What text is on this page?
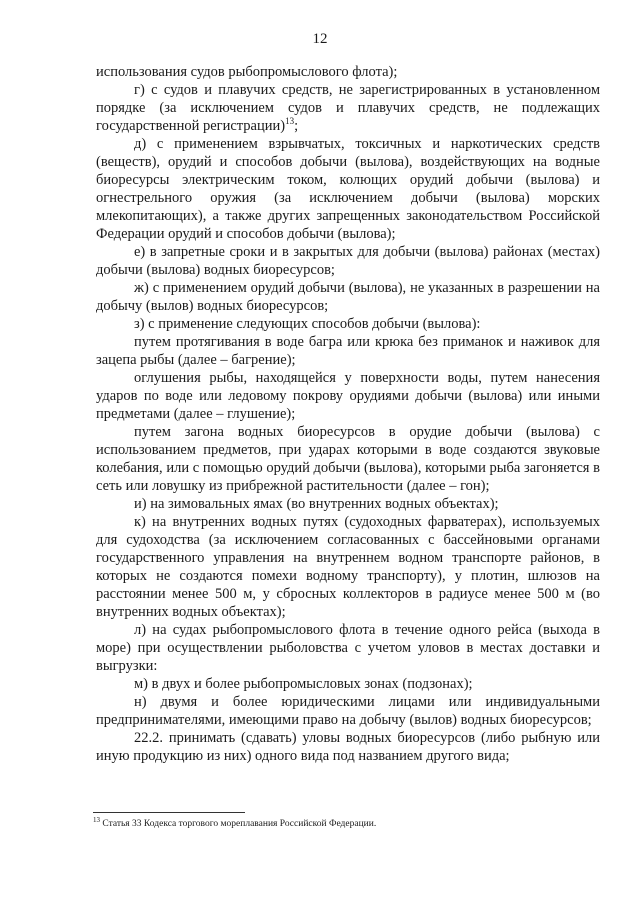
12

использования судов рыбопромыслового флота);

г) с судов и плавучих средств, не зарегистрированных в установленном порядке (за исключением судов и плавучих средств, не подлежащих государственной регистрации)$^{13}$;

д) с применением взрывчатых, токсичных и наркотических средств (веществ), орудий и способов добычи (вылова), воздействующих на водные биоресурсы электрическим током, колющих орудий добычи (вылова) и огнестрельного оружия (за исключением добычи (вылова) морских млекопитающих), а также других запрещенных законодательством Российской Федерации орудий и способов добычи (вылова);

е) в запретные сроки и в закрытых для добычи (вылова) районах (местах) добычи (вылова) водных биоресурсов;

ж) с применением орудий добычи (вылова), не указанных в разрешении на добычу (вылов) водных биоресурсов;

з) с применение следующих способов добычи (вылова):

путем протягивания в воде багра или крюка без приманок и наживок для зацепа рыбы (далее – багрение);

оглушения рыбы, находящейся у поверхности воды, путем нанесения ударов по воде или ледовому покрову орудиями добычи (вылова) или иными предметами (далее – глушение);

путем загона водных биоресурсов в орудие добычи (вылова) с использованием предметов, при ударах которыми в воде создаются звуковые колебания, или с помощью орудий добычи (вылова), которыми рыба загоняется в сеть или ловушку из прибрежной растительности (далее – гон);

и) на зимовальных ямах (во внутренних водных объектах);

к) на внутренних водных путях (судоходных фарватерах), используемых для судоходства (за исключением согласованных с бассейновыми органами государственного управления на внутреннем водном транспорте районов, в которых не создаются помехи водному транспорту), у плотин, шлюзов на расстоянии менее 500 м, у сбросных коллекторов в радиусе менее 500 м (во внутренних водных объектах);

л) на судах рыбопромыслового флота в течение одного рейса (выхода в море) при осуществлении рыболовства с учетом уловов в местах доставки и выгрузки:

м) в двух и более рыбопромысловых зонах (подзонах);

н) двумя и более юридическими лицами или индивидуальными предпринимателями, имеющими право на добычу (вылов) водных биоресурсов;

22.2. принимать (сдавать) уловы водных биоресурсов (либо рыбную или иную продукцию из них) одного вида под названием другого вида;

$^{13}$ Статья 33 Кодекса торгового мореплавания Российской Федерации.
